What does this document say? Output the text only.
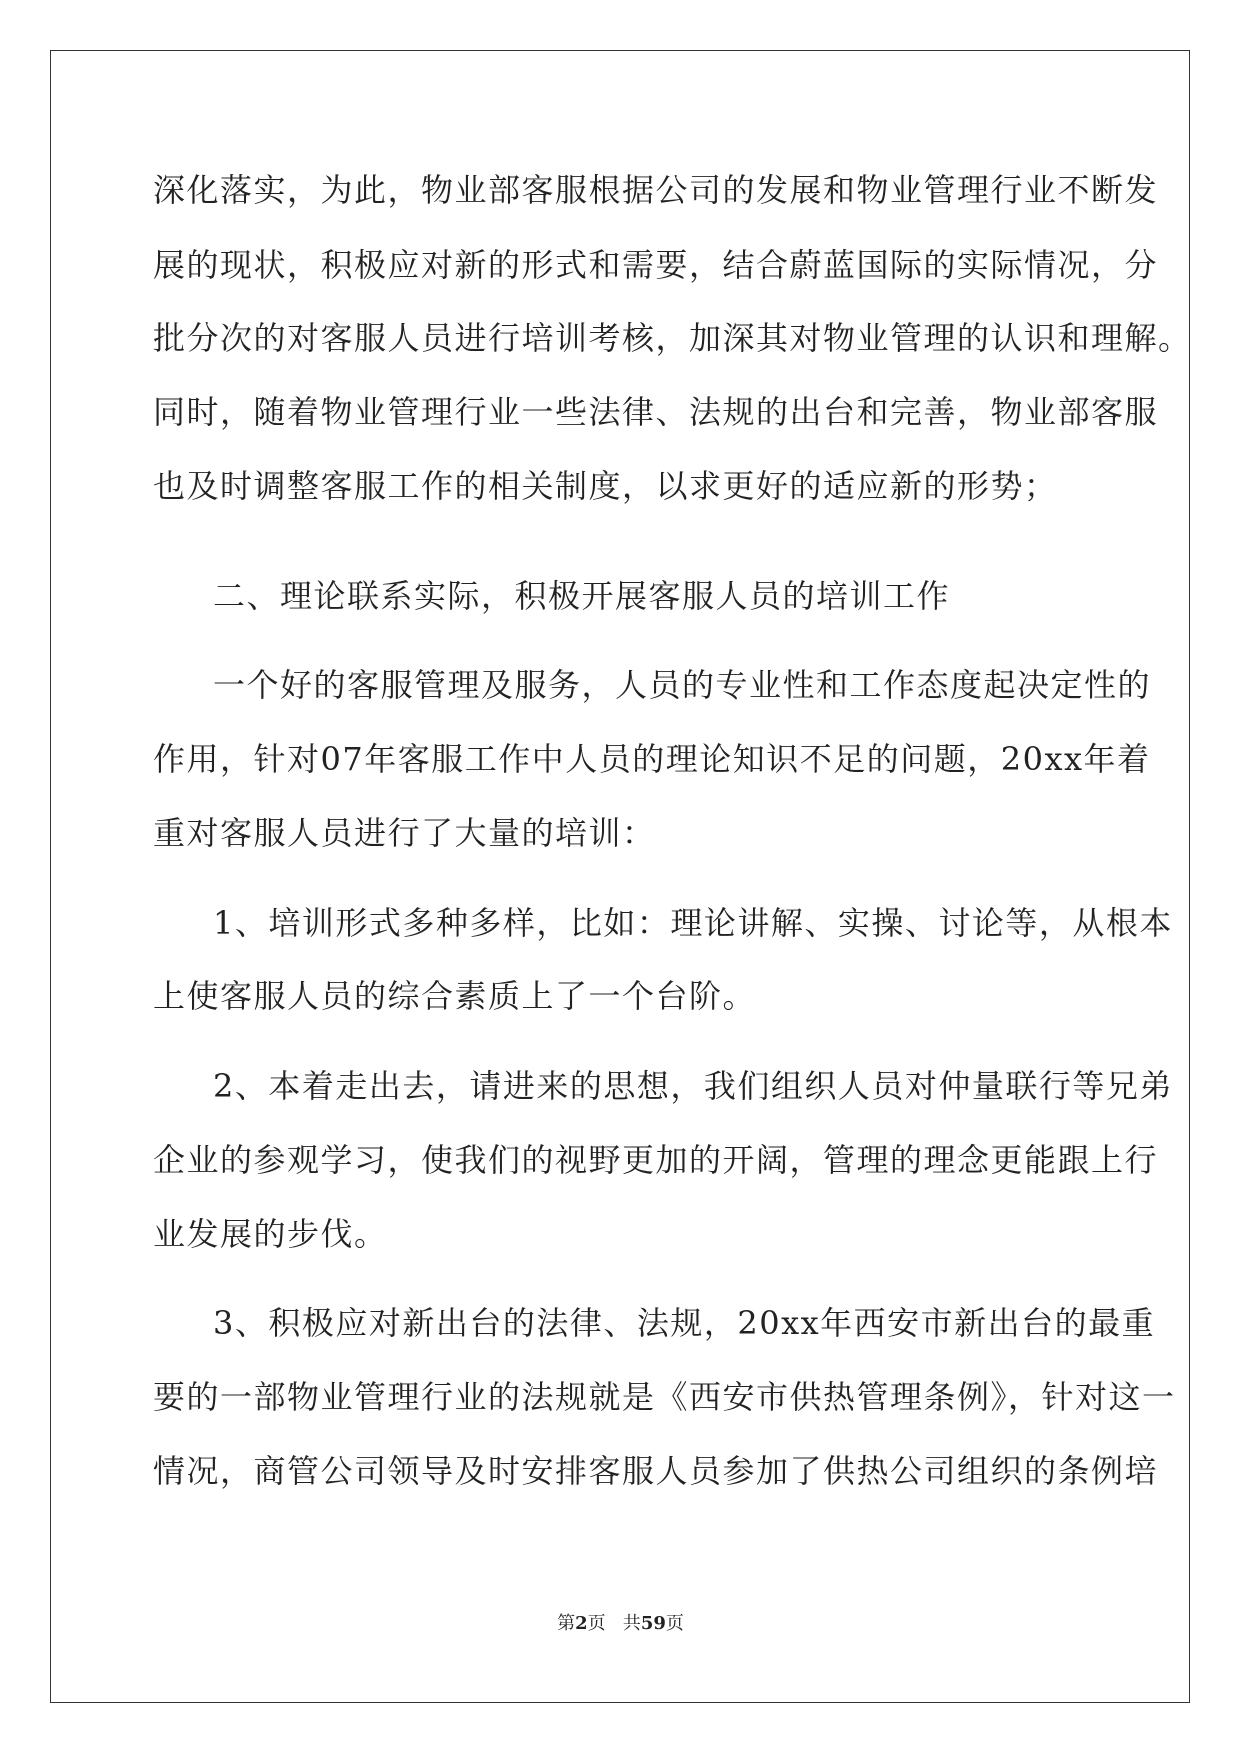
深化落实，为此，物业部客服根据公司的发展和物业管理行业不断发
展的现状，积极应对新的形式和需要，结合蔚蓝国际的实际情况，分
批分次的对客服人员进行培训考核，加深其对物业管理的认识和理解。
同时，随着物业管理行业一些法律、法规的出台和完善，物业部客服
也及时调整客服工作的相关制度，以求更好的适应新的形势；
二、理论联系实际，积极开展客服人员的培训工作
一个好的客服管理及服务，人员的专业性和工作态度起决定性的
作用，针对07年客服工作中人员的理论知识不足的问题，20xx年着
重对客服人员进行了大量的培训：
1、培训形式多种多样，比如：理论讲解、实操、讨论等，从根本
上使客服人员的综合素质上了一个台阶。
2、本着走出去，请进来的思想，我们组织人员对仲量联行等兄弟
企业的参观学习，使我们的视野更加的开阔，管理的理念更能跟上行
业发展的步伐。
3、积极应对新出台的法律、法规，20xx年西安市新出台的最重
要的一部物业管理行业的法规就是《西安市供热管理条例》，针对这一
情况，商管公司领导及时安排客服人员参加了供热公司组织的条例培
第2页 共59页
